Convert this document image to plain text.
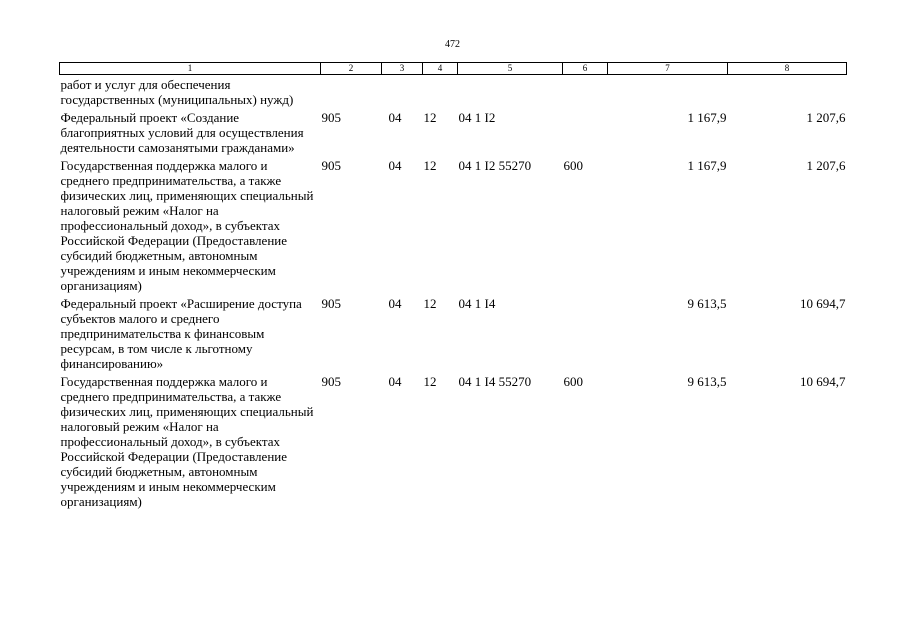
472
1	2	3	4	5	6	7	8
работ и услуг для обеспечения государственных (муниципальных) нужд)							
Федеральный проект «Создание благоприятных условий для осуществления деятельности самозанятыми гражданами»	905	04	12	04 1 I2		1 167,9	1 207,6
Государственная поддержка малого и среднего предпринимательства, а также физических лиц, применяющих специальный налоговый режим «Налог на профессиональный доход», в субъектах Российской Федерации (Предоставление субсидий бюджетным, автономным учреждениям и иным некоммерческим организациям)	905	04	12	04 1 I2 55270	600	1 167,9	1 207,6
Федеральный проект «Расширение доступа субъектов малого и среднего предпринимательства к финансовым ресурсам, в том числе к льготному финансированию»	905	04	12	04 1 I4		9 613,5	10 694,7
Государственная поддержка малого и среднего предпринимательства, а также физических лиц, применяющих специальный налоговый режим «Налог на профессиональный доход», в субъектах Российской Федерации (Предоставление субсидий бюджетным, автономным учреждениям и иным некоммерческим организациям)	905	04	12	04 1 I4 55270	600	9 613,5	10 694,7
